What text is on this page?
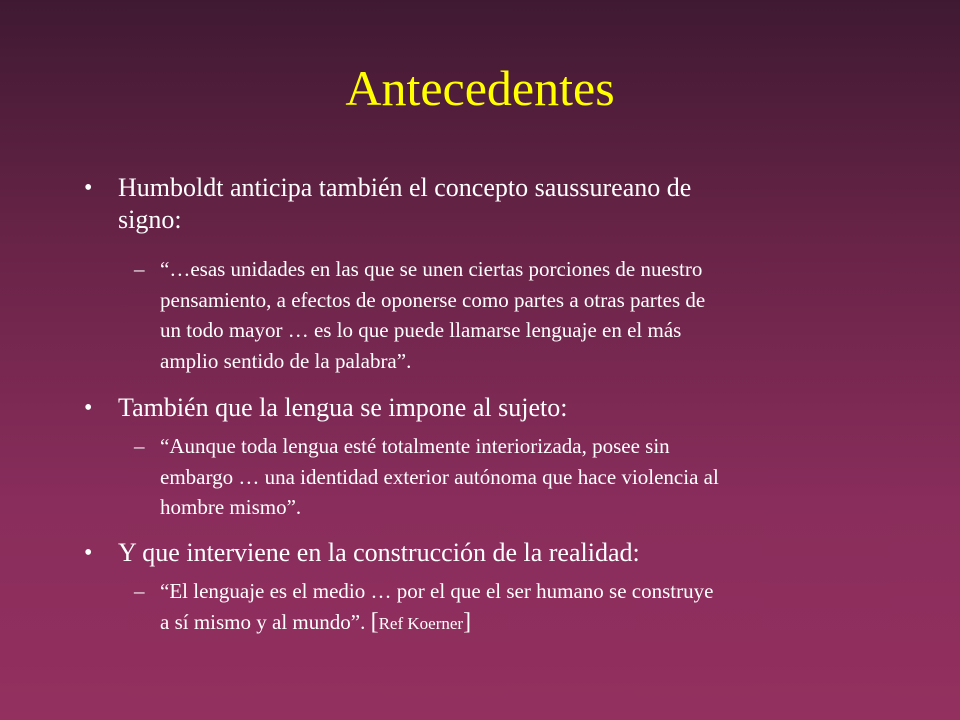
Antecedentes
• Humboldt anticipa también el concepto saussureano de
signo:
– “…esas unidades en las que se unen ciertas porciones de nuestro
pensamiento, a efectos de oponerse como partes a otras partes de
un todo mayor … es lo que puede llamarse lenguaje en el más
amplio sentido de la palabra”.
• También que la lengua se impone al sujeto:
– “Aunque toda lengua esté totalmente interiorizada, posee sin
embargo … una identidad exterior autónoma que hace violencia al
hombre mismo”.
• Y que interviene en la construcción de la realidad:
– “El lenguaje es el medio … por el que el ser humano se construye
a sí mismo y al mundo”. [Ref Koerner]
